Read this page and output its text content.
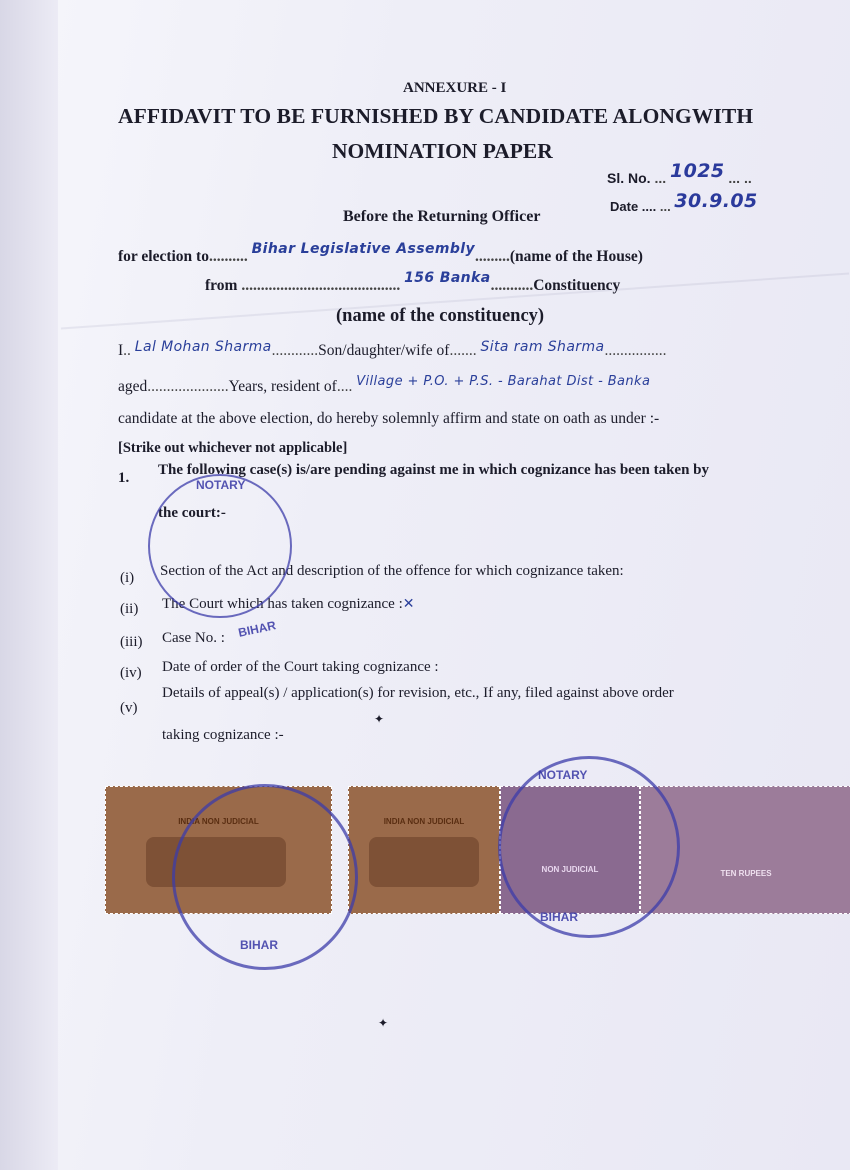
ANNEXURE - I
AFFIDAVIT TO BE FURNISHED BY CANDIDATE ALONGWITH
NOMINATION PAPER
Sl. No. ... 1025 ... ..
Date .... ... 30.9.05
Before the Returning Officer
for election to.......... Bihar Legislative Assembly.........(name of the House)
from ......................................... 156 Banka...........Constituency
(name of the constituency)
I.. Lal Mohan Sharma............Son/daughter/wife of....... Sita ram Sharma................
aged.....................Years, resident of.... $^{Village + P.O. + P.S. - Barahat Dist - Banka}$
candidate at the above election, do hereby solemnly affirm and state on oath as under :-
[Strike out whichever not applicable]
1. The following case(s) is/are pending against me in which cognizance has been taken by
the court:-
(i) Section of the Act and description of the offence for which cognizance taken:
(ii) The Court which has taken cognizance : ✕
(iii) Case No. :
(iv) Date of order of the Court taking cognizance :
(v)
Details of appeal(s) / application(s) for revision, etc., If any, filed against above order
taking cognizance :-
NOTARY
BIHAR
INDIA NON JUDICIAL	INDIA NON JUDICIAL
NON JUDICIAL	TEN RUPEES
BIHAR
BIHAR
NOTARY
✦
✦
